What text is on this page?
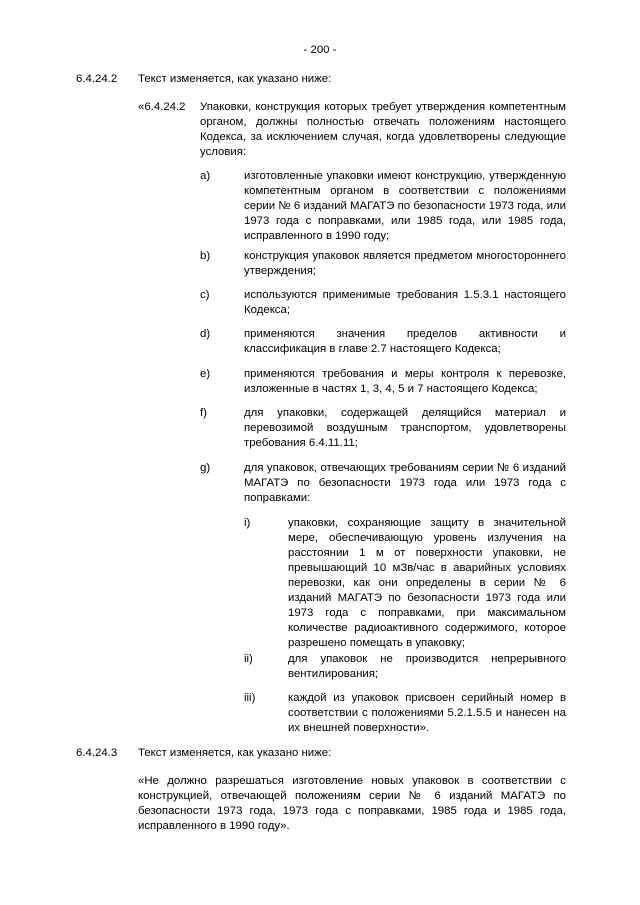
- 200 -
6.4.24.2 Текст изменяется, как указано ниже:
«6.4.24.2 Упаковки, конструкция которых требует утверждения компетентным органом, должны полностью отвечать положениям настоящего Кодекса, за исключением случая, когда удовлетворены следующие условия:
a)	изготовленные упаковки имеют конструкцию, утвержденную компетентным органом в соответствии с положениями серии № 6 изданий МАГАТЭ по безопасности 1973 года, или 1973 года с поправками, или 1985 года, или 1985 года, исправленного в 1990 году;
b)	конструкция упаковок является предметом многостороннего утверждения;
c)	используются применимые требования 1.5.3.1 настоящего Кодекса;
d)	применяются значения пределов активности и классификация в главе 2.7 настоящего Кодекса;
e)	применяются требования и меры контроля к перевозке, изложенные в частях 1, 3, 4, 5 и 7 настоящего Кодекса;
f)	для упаковки, содержащей делящийся материал и перевозимой воздушным транспортом, удовлетворены требования 6.4.11.11;
g)	для упаковок, отвечающих требованиям серии № 6 изданий МАГАТЭ по безопасности 1973 года или 1973 года с поправками:
i)	упаковки, сохраняющие защиту в значительной мере, обеспечивающую уровень излучения на расстоянии 1 м от поверхности упаковки, не превышающий 10 мЗв/час в аварийных условиях перевозки, как они определены в серии № 6 изданий МАГАТЭ по безопасности 1973 года или 1973 года с поправками, при максимальном количестве радиоактивного содержимого, которое разрешено помещать в упаковку;
ii)	для упаковок не производится непрерывного вентилирования;
iii)	каждой из упаковок присвоен серийный номер в соответствии с положениями 5.2.1.5.5 и нанесен на их внешней поверхности».
6.4.24.3 Текст изменяется, как указано ниже:
«Не должно разрешаться изготовление новых упаковок в соответствии с конструкцией, отвечающей положениям серии № 6 изданий МАГАТЭ по безопасности 1973 года, 1973 года с поправками, 1985 года и 1985 года, исправленного в 1990 году».
